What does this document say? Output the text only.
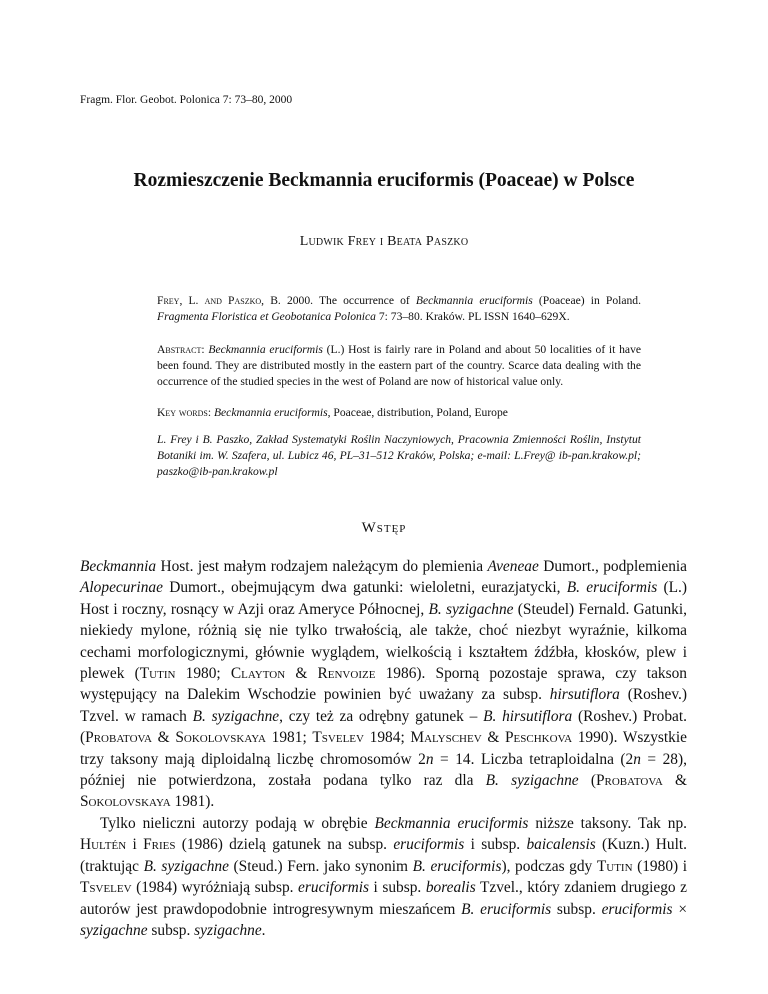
Fragm. Flor. Geobot. Polonica 7: 73–80, 2000
Rozmieszczenie Beckmannia eruciformis (Poaceae) w Polsce
Ludwik Frey i Beata Paszko

Frey, L. and Paszko, B. 2000. The occurrence of Beckmannia eruciformis (Poaceae) in Poland. Fragmenta Floristica et Geobotanica Polonica 7: 73–80. Kraków. PL ISSN 1640–629X.

Abstract: Beckmannia eruciformis (L.) Host is fairly rare in Poland and about 50 localities of it have been found. They are distributed mostly in the eastern part of the country. Scarce data dealing with the occurrence of the studied species in the west of Poland are now of historical value only.

Key words: Beckmannia eruciformis, Poaceae, distribution, Poland, Europe

L. Frey i B. Paszko, Zakład Systematyki Roślin Naczyniowych, Pracownia Zmienności Roślin, Instytut Botaniki im. W. Szafera, ul. Lubicz 46, PL–31–512 Kraków, Polska; e-mail: L.Frey@ ib-pan.krakow.pl; paszko@ib-pan.krakow.pl

Wstęp

Beckmannia Host. jest małym rodzajem należącym do plemienia Aveneae Dumort., podplemienia Alopecurinae Dumort., obejmującym dwa gatunki: wieloletni, eurazjatycki, B. eruciformis (L.) Host i roczny, rosnący w Azji oraz Ameryce Północnej, B. syzigachne (Steudel) Fernald. Gatunki, niekiedy mylone, różnią się nie tylko trwałością, ale także, choć niezbyt wyraźnie, kilkoma cechami morfologicznymi, głównie wyglądem, wielkością i kształtem źdźbła, kłosków, plew i plewek (Tutin 1980; Clayton & Renvoize 1986). Sporną pozostaje sprawa, czy takson występujący na Dalekim Wschodzie powinien być uważany za subsp. hirsutiflora (Roshev.) Tzvel. w ramach B. syzigachne, czy też za odrębny gatunek – B. hirsutiflora (Roshev.) Probat. (Probatova & Sokolovskaya 1981; Tsvelev 1984; Malyschev & Peschkova 1990). Wszystkie trzy taksony mają diploidalną liczbę chromosomów 2n = 14. Liczba tetraploidalna (2n = 28), później nie potwierdzona, została podana tylko raz dla B. syzigachne (Probatova & Sokolovskaya 1981).

Tylko nieliczni autorzy podają w obrębie Beckmannia eruciformis niższe taksony. Tak np. Hultén i Fries (1986) dzielą gatunek na subsp. eruciformis i subsp. baicalensis (Kuzn.) Hult. (traktując B. syzigachne (Steud.) Fern. jako synonim B. eruciformis), podczas gdy Tutin (1980) i Tsvelev (1984) wyróżniają subsp. eruciformis i subsp. borealis Tzvel., który zdaniem drugiego z autorów jest prawdopodobnie introgresywnym mieszańcem B. eruciformis subsp. eruciformis × syzigachne subsp. syzigachne.
